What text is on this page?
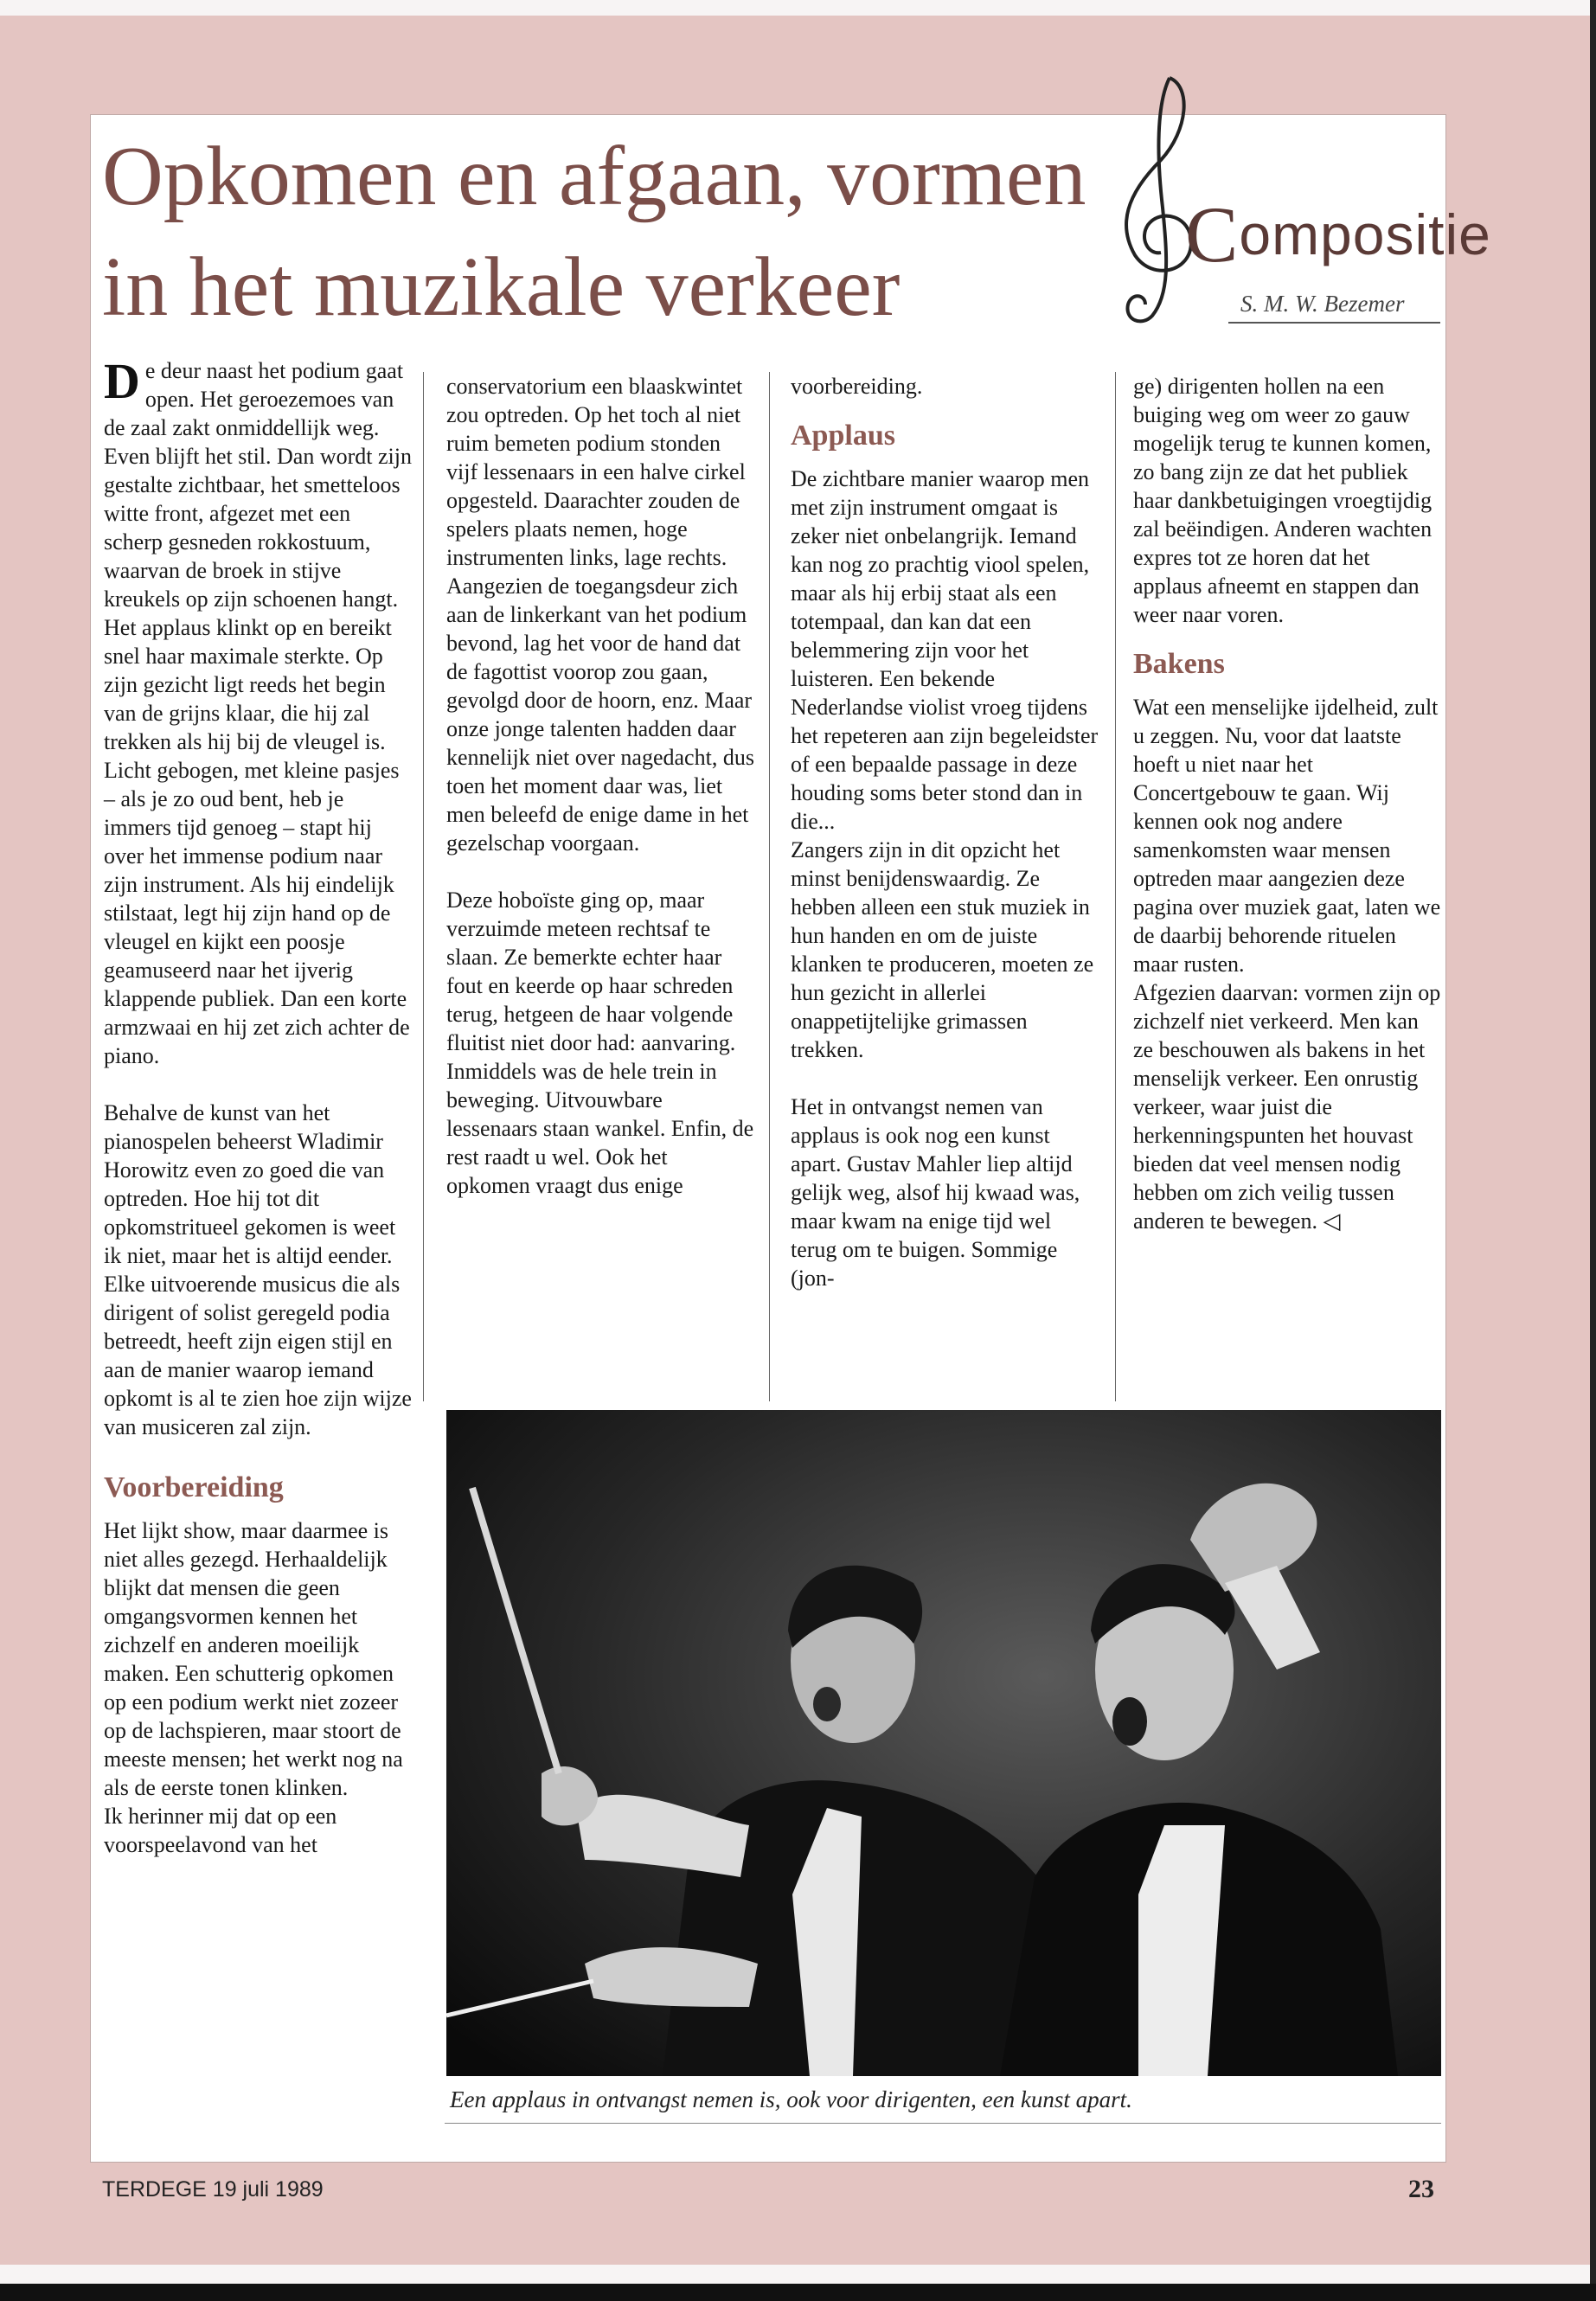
Opkomen en afgaan, vormen in het muzikale verkeer
Compositie
S. M. W. Bezemer

De deur naast het podium gaat open. Het geroezemoes van de zaal zakt onmiddellijk weg. Even blijft het stil. Dan wordt zijn gestalte zichtbaar, het smetteloos witte front, afgezet met een scherp gesneden rokkostuum, waarvan de broek in stijve kreukels op zijn schoenen hangt. Het applaus klinkt op en bereikt snel haar maximale sterkte. Op zijn gezicht ligt reeds het begin van de grijns klaar, die hij zal trekken als hij bij de vleugel is. Licht gebogen, met kleine pasjes – als je zo oud bent, heb je immers tijd genoeg – stapt hij over het immense podium naar zijn instrument. Als hij eindelijk stilstaat, legt hij zijn hand op de vleugel en kijkt een poosje geamuseerd naar het ijverig klappende publiek. Dan een korte armzwaai en hij zet zich achter de piano.

Behalve de kunst van het pianospelen beheerst Wladimir Horowitz even zo goed die van optreden. Hoe hij tot dit opkomstritueel gekomen is weet ik niet, maar het is altijd eender. Elke uitvoerende musicus die als dirigent of solist geregeld podia betreedt, heeft zijn eigen stijl en aan de manier waarop iemand opkomt is al te zien hoe zijn wijze van musiceren zal zijn.

Voorbereiding

Het lijkt show, maar daarmee is niet alles gezegd. Herhaaldelijk blijkt dat mensen die geen omgangsvormen kennen het zichzelf en anderen moeilijk maken. Een schutterig opkomen op een podium werkt niet zozeer op de lachspieren, maar stoort de meeste mensen; het werkt nog na als de eerste tonen klinken.

Ik herinner mij dat op een voorspeelavond van het

conservatorium een blaaskwintet zou optreden. Op het toch al niet ruim bemeten podium stonden vijf lessenaars in een halve cirkel opgesteld. Daarachter zouden de spelers plaats nemen, hoge instrumenten links, lage rechts. Aangezien de toegangsdeur zich aan de linkerkant van het podium bevond, lag het voor de hand dat de fagottist voorop zou gaan, gevolgd door de hoorn, enz. Maar onze jonge talenten hadden daar kennelijk niet over nagedacht, dus toen het moment daar was, liet men beleefd de enige dame in het gezelschap voorgaan.

Deze hoboïste ging op, maar verzuimde meteen rechtsaf te slaan. Ze bemerkte echter haar fout en keerde op haar schreden terug, hetgeen de haar volgende fluitist niet door had: aanvaring. Inmiddels was de hele trein in beweging. Uitvouwbare lessenaars staan wankel. Enfin, de rest raadt u wel. Ook het opkomen vraagt dus enige

voorbereiding.

Applaus

De zichtbare manier waarop men met zijn instrument omgaat is zeker niet onbelangrijk. Iemand kan nog zo prachtig viool spelen, maar als hij erbij staat als een totempaal, dan kan dat een belemmering zijn voor het luisteren. Een bekende Nederlandse violist vroeg tijdens het repeteren aan zijn begeleidster of een bepaalde passage in deze houding soms beter stond dan in die...

Zangers zijn in dit opzicht het minst benijdenswaardig. Ze hebben alleen een stuk muziek in hun handen en om de juiste klanken te produceren, moeten ze hun gezicht in allerlei onappetijtelijke grimassen trekken.

Het in ontvangst nemen van applaus is ook nog een kunst apart. Gustav Mahler liep altijd gelijk weg, alsof hij kwaad was, maar kwam na enige tijd wel terug om te buigen. Sommige (jon-

ge) dirigenten hollen na een buiging weg om weer zo gauw mogelijk terug te kunnen komen, zo bang zijn ze dat het publiek haar dankbetuigingen vroegtijdig zal beëindigen. Anderen wachten expres tot ze horen dat het applaus afneemt en stappen dan weer naar voren.

Bakens

Wat een menselijke ijdelheid, zult u zeggen. Nu, voor dat laatste hoeft u niet naar het Concertgebouw te gaan. Wij kennen ook nog andere samenkomsten waar mensen optreden maar aangezien deze pagina over muziek gaat, laten we de daarbij behorende rituelen maar rusten.

Afgezien daarvan: vormen zijn op zichzelf niet verkeerd. Men kan ze beschouwen als bakens in het menselijk verkeer. Een onrustig verkeer, waar juist die herkenningspunten het houvast bieden dat veel mensen nodig hebben om zich veilig tussen anderen te bewegen. ◁

Een applaus in ontvangst nemen is, ook voor dirigenten, een kunst apart.
TERDEGE 19 juli 1989	23
